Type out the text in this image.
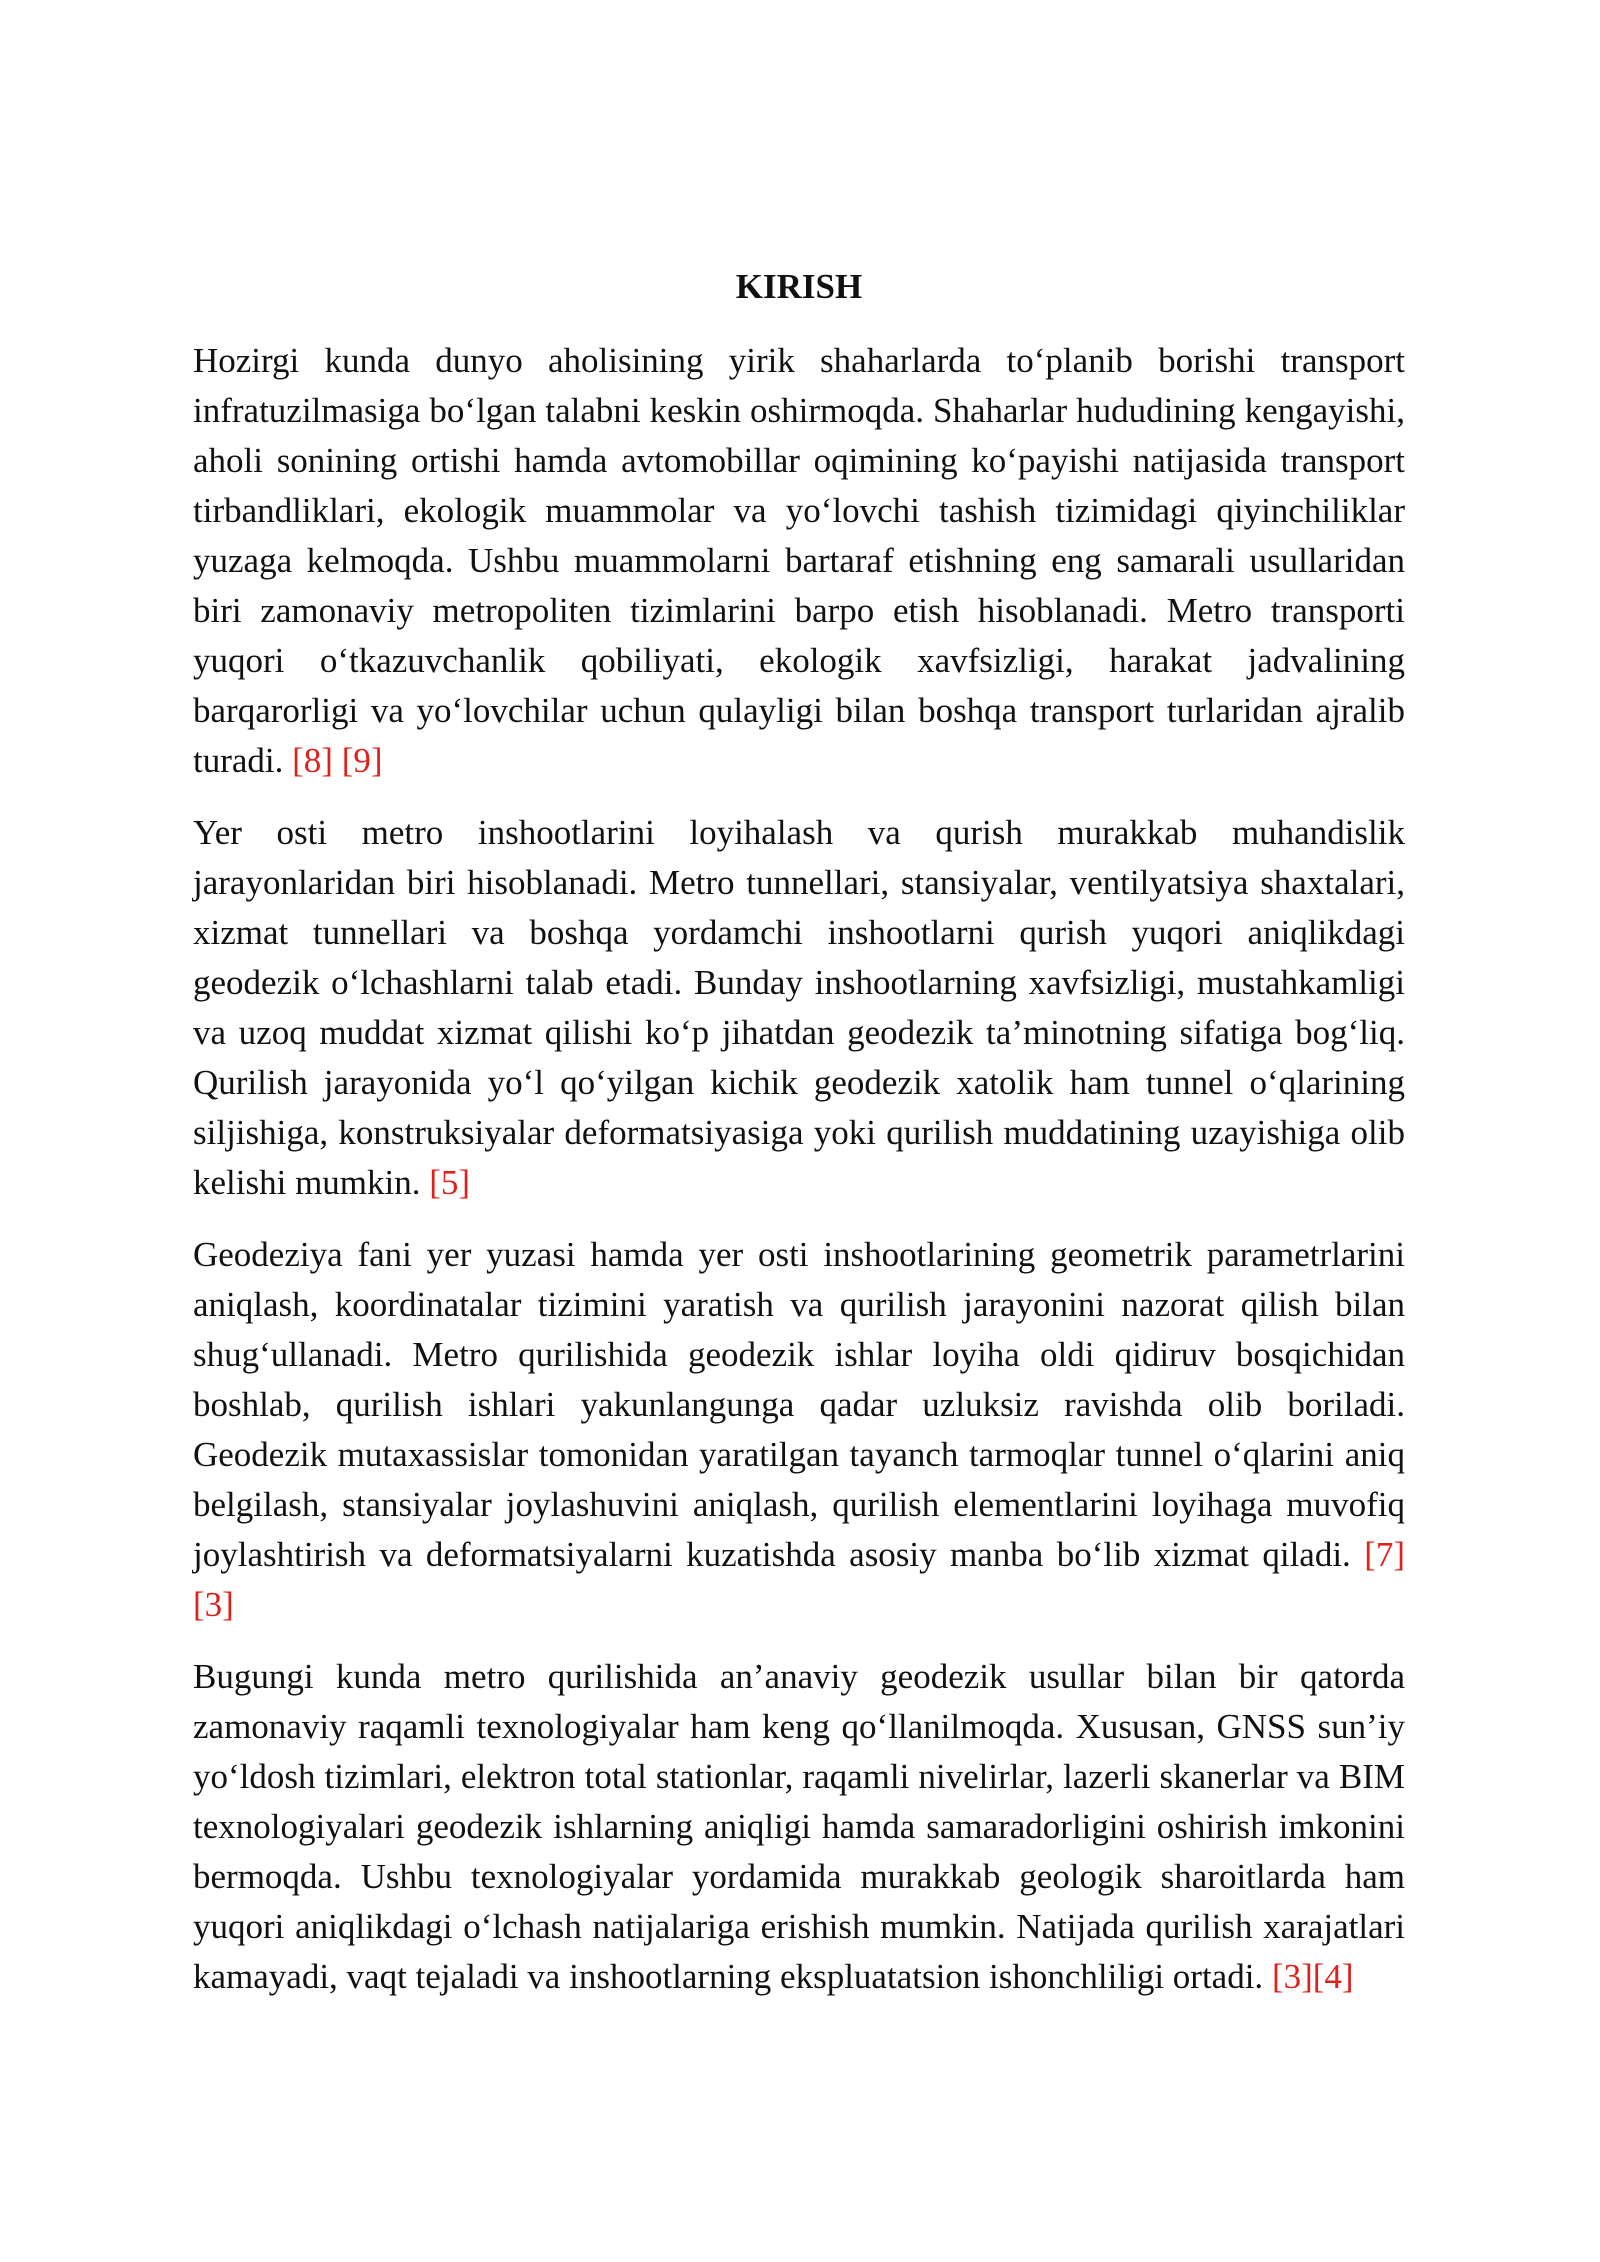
KIRISH

Hozirgi kunda dunyo aholisining yirik shaharlarda to‘planib borishi transport infratuzilmasiga bo‘lgan talabni keskin oshirmoqda. Shaharlar hududining kengayishi, aholi sonining ortishi hamda avtomobillar oqimining ko‘payishi natijasida transport tirbandliklari, ekologik muammolar va yo‘lovchi tashish tizimidagi qiyinchiliklar yuzaga kelmoqda. Ushbu muammolarni bartaraf etishning eng samarali usullaridan biri zamonaviy metropoliten tizimlarini barpo etish hisoblanadi. Metro transporti yuqori o‘tkazuvchanlik qobiliyati, ekologik xavfsizligi, harakat jadvalining barqarorligi va yo‘lovchilar uchun qulayligi bilan boshqa transport turlaridan ajralib turadi. [8] [9]

Yer osti metro inshootlarini loyihalash va qurish murakkab muhandislik jarayonlaridan biri hisoblanadi. Metro tunnellari, stansiyalar, ventilyatsiya shaxtalari, xizmat tunnellari va boshqa yordamchi inshootlarni qurish yuqori aniqlikdagi geodezik o‘lchashlarni talab etadi. Bunday inshootlarning xavfsizligi, mustahkamligi va uzoq muddat xizmat qilishi ko‘p jihatdan geodezik ta’minotning sifatiga bog‘liq. Qurilish jarayonida yo‘l qo‘yilgan kichik geodezik xatolik ham tunnel o‘qlarining siljishiga, konstruksiyalar deformatsiyasiga yoki qurilish muddatining uzayishiga olib kelishi mumkin. [5]

Geodeziya fani yer yuzasi hamda yer osti inshootlarining geometrik parametrlarini aniqlash, koordinatalar tizimini yaratish va qurilish jarayonini nazorat qilish bilan shug‘ullanadi. Metro qurilishida geodezik ishlar loyiha oldi qidiruv bosqichidan boshlab, qurilish ishlari yakunlangunga qadar uzluksiz ravishda olib boriladi. Geodezik mutaxassislar tomonidan yaratilgan tayanch tarmoqlar tunnel o‘qlarini aniq belgilash, stansiyalar joylashuvini aniqlash, qurilish elementlarini loyihaga muvofiq joylashtirish va deformatsiyalarni kuzatishda asosiy manba bo‘lib xizmat qiladi. [7] [3]

Bugungi kunda metro qurilishida an’anaviy geodezik usullar bilan bir qatorda zamonaviy raqamli texnologiyalar ham keng qo‘llanilmoqda. Xususan, GNSS sun’iy yo‘ldosh tizimlari, elektron total stationlar, raqamli nivelirlar, lazerli skanerlar va BIM texnologiyalari geodezik ishlarning aniqligi hamda samaradorligini oshirish imkonini bermoqda. Ushbu texnologiyalar yordamida murakkab geologik sharoitlarda ham yuqori aniqlikdagi o‘lchash natijalariga erishish mumkin. Natijada qurilish xarajatlari kamayadi, vaqt tejaladi va inshootlarning ekspluatatsion ishonchliligi ortadi. [3][4]
